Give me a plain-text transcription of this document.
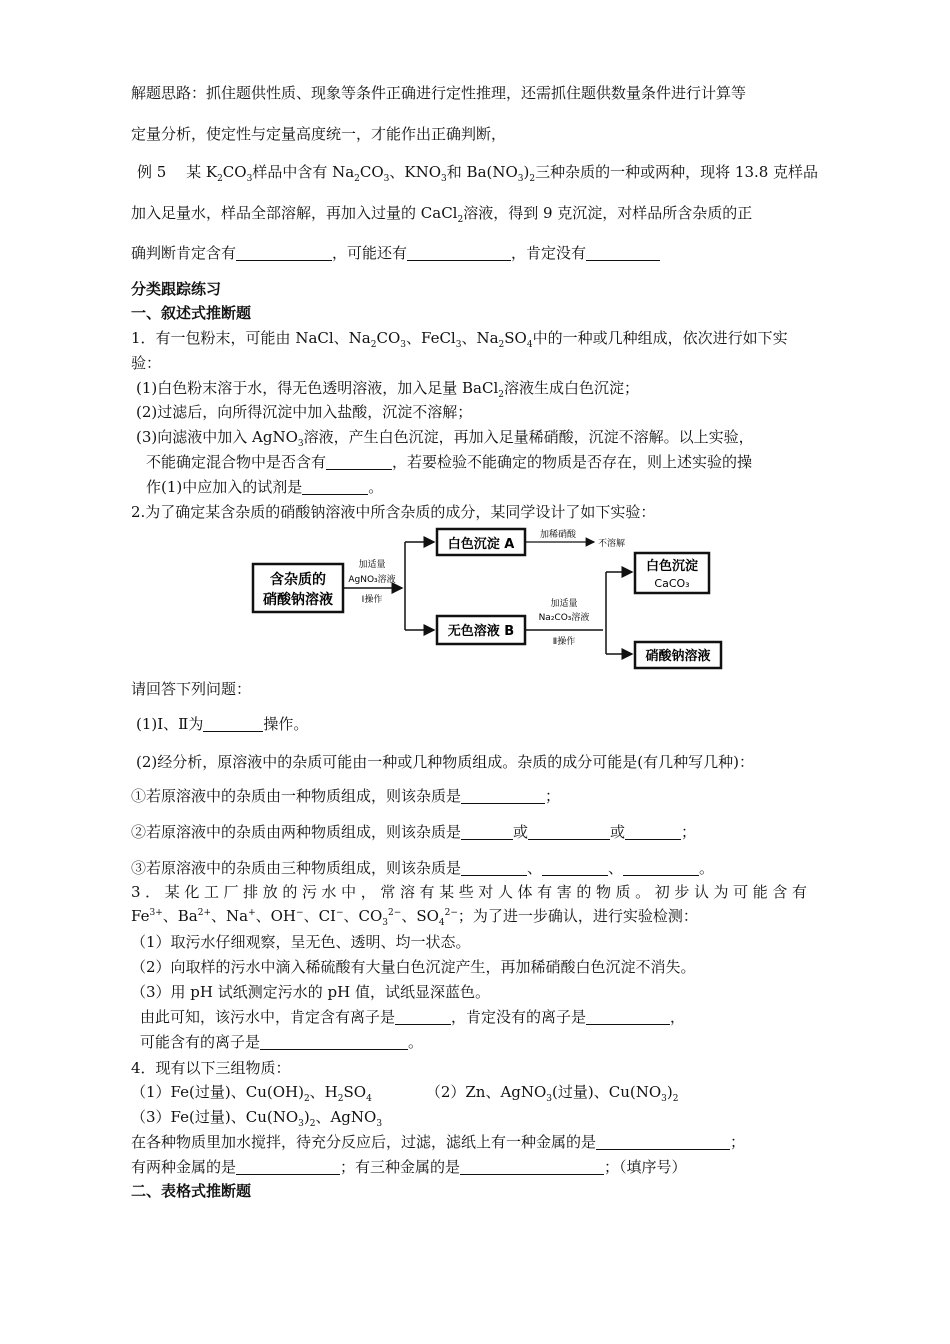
解题思路：抓住题供性质、现象等条件正确进行定性推理，还需抓住题供数量条件进行计算等
定量分析，使定性与定量高度统一，才能作出正确判断，
例 5　 某 $K_2CO_3$样品中含有 $Na_2CO_3$、$KNO_3$和 $Ba(NO_3)_2$三种杂质的一种或两种，现将 13.8 克样品
加入足量水，样品全部溶解，再加入过量的 CaCl$_2$溶液，得到 9 克沉淀，对样品所含杂质的正
确判断肯定含有	，可能还有	，肯定没有
分类跟踪练习
一、叙述式推断题
1．有一包粉末，可能由 NaCl、$Na_2CO_3$、FeCl$_3$、$Na_2SO_4$中的一种或几种组成，依次进行如下实
验：
(1)白色粉末溶于水，得无色透明溶液，加入足量 BaCl$_2$溶液生成白色沉淀；
(2)过滤后，向所得沉淀中加入盐酸，沉淀不溶解；
(3)向滤液中加入 AgNO$_3$溶液，产生白色沉淀，再加入足量稀硝酸，沉淀不溶解。以上实验，
不能确定混合物中是否含有	，若要检验不能确定的物质是否存在，则上述实验的操
作(1)中应加入的试剂是	。
2.为了确定某含杂质的硝酸钠溶液中所含杂质的成分，某同学设计了如下实验：
含杂质的
硝酸钠溶液
加适量
AgNO₃溶液
Ⅰ操作
白色沉淀 A
加稀硝酸
不溶解
无色溶液 B
加适量
Na₂CO₃溶液
Ⅱ操作
白色沉淀
CaCO₃
硝酸钠溶液
请回答下列问题：
(1)Ⅰ、Ⅱ为	操作。
(2)经分析，原溶液中的杂质可能由一种或几种物质组成。杂质的成分可能是(有几种写几种)：
①若原溶液中的杂质由一种物质组成，则该杂质是	；
②若原溶液中的杂质由两种物质组成，则该杂质是	或	或	；
③若原溶液中的杂质由三种物质组成，则该杂质是	、	、	。
3．某化工厂排放的污水中，常溶有某些对人体有害的物质。初步认为可能含有
$Fe^{3+}$、$Ba^{2+}$、Na+、OH−、CI−、$CO_3^{2-}$、$SO_4^{2-}$；为了进一步确认，进行实验检测：
（1）取污水仔细观察，呈无色、透明、均一状态。
（2）向取样的污水中滴入稀硫酸有大量白色沉淀产生，再加稀硝酸白色沉淀不消失。
（3）用 pH 试纸测定污水的 pH 值，试纸显深蓝色。
由此可知，该污水中，肯定含有离子是	，肯定没有的离子是	，
可能含有的离子是	。
4．现有以下三组物质：
（1）Fe(过量)、$Cu(OH)_2$、$H_2SO_4$	（2）Zn、AgNO$_3$(过量)、$Cu(NO_3)_2$
（3）Fe(过量)、$Cu(NO_3)_2$、AgNO$_3$
在各种物质里加水搅拌，待充分反应后，过滤，滤纸上有一种金属的是	；
有两种金属的是	；有三种金属的是	；（填序号）
二、表格式推断题
